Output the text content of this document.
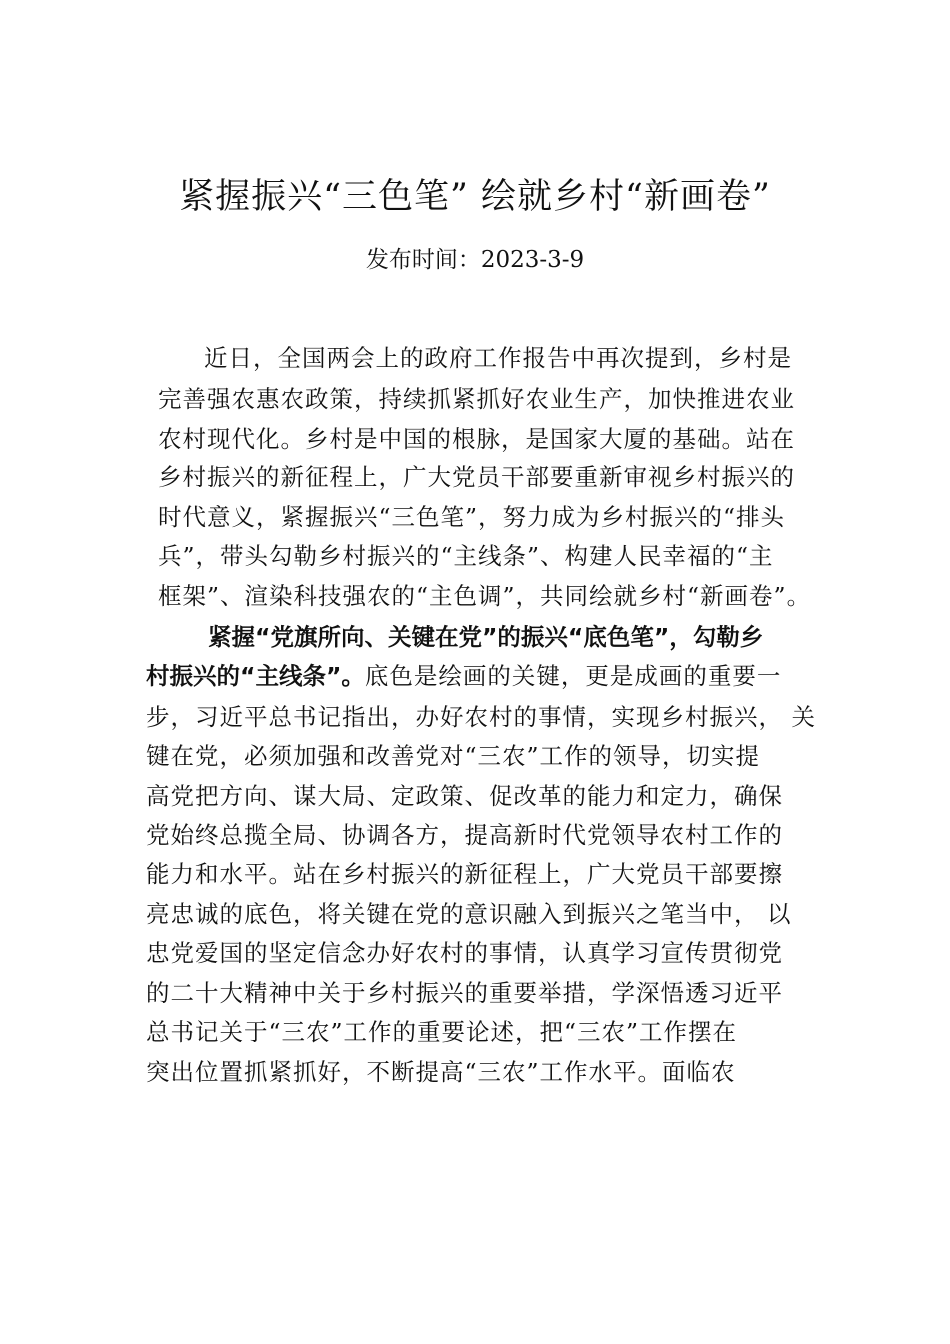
紧握振兴“三色笔” 绘就乡村“新画卷”
发布时间：2023-3-9
近日，全国两会上的政府工作报告中再次提到，乡村是
完善强农惠农政策，持续抓紧抓好农业生产，加快推进农业
农村现代化。乡村是中国的根脉，是国家大厦的基础。站在
乡村振兴的新征程上，广大党员干部要重新审视乡村振兴的
时代意义，紧握振兴“三色笔”，努力成为乡村振兴的“排头
兵”，带头勾勒乡村振兴的“主线条”、构建人民幸福的“主
框架”、渲染科技强农的“主色调”，共同绘就乡村“新画卷”。
紧握“党旗所向、关键在党”的振兴“底色笔”，勾勒乡
村振兴的“主线条”。底色是绘画的关键，更是成画的重要一
步，习近平总书记指出，办好农村的事情，实现乡村振兴， 关
键在党，必须加强和改善党对“三农”工作的领导，切实提
高党把方向、谋大局、定政策、促改革的能力和定力，确保
党始终总揽全局、协调各方，提高新时代党领导农村工作的
能力和水平。站在乡村振兴的新征程上，广大党员干部要擦
亮忠诚的底色，将关键在党的意识融入到振兴之笔当中， 以
忠党爱国的坚定信念办好农村的事情，认真学习宣传贯彻党
的二十大精神中关于乡村振兴的重要举措，学深悟透习近平
总书记关于“三农”工作的重要论述，把“三农”工作摆在
突出位置抓紧抓好，不断提高“三农”工作水平。面临农
